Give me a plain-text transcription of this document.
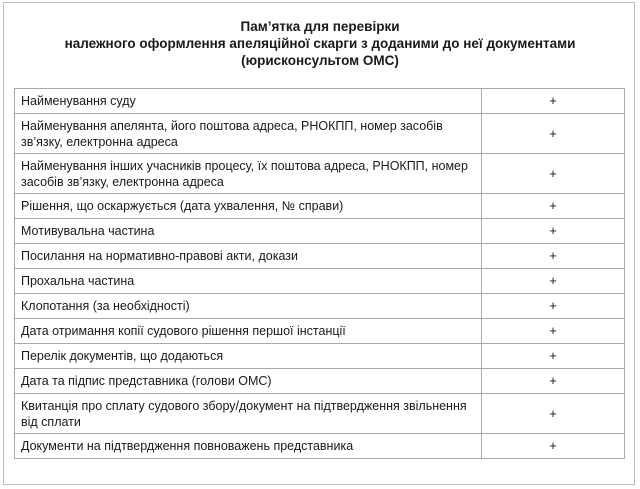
Пам’ятка для перевірки
належного оформлення апеляційної скарги з доданими до неї документами
(юрисконсультом ОМС)
Найменування суду	+
Найменування апелянта, його поштова адреса, РНОКПП, номер засобів зв’язку, електронна адреса	+
Найменування інших учасників процесу, їх поштова адреса, РНОКПП, номер засобів зв’язку, електронна адреса	+
Рішення, що оскаржується (дата ухвалення, № справи)	+
Мотивувальна частина	+
Посилання на нормативно-правові акти, докази	+
Прохальна частина	+
Клопотання (за необхідності)	+
Дата отримання копії судового рішення першої інстанції	+
Перелік документів, що додаються	+
Дата та підпис представника (голови ОМС)	+
Квитанція про сплату судового збору/документ на підтвердження звільнення від сплати	+
Документи на підтвердження повноважень представника	+
